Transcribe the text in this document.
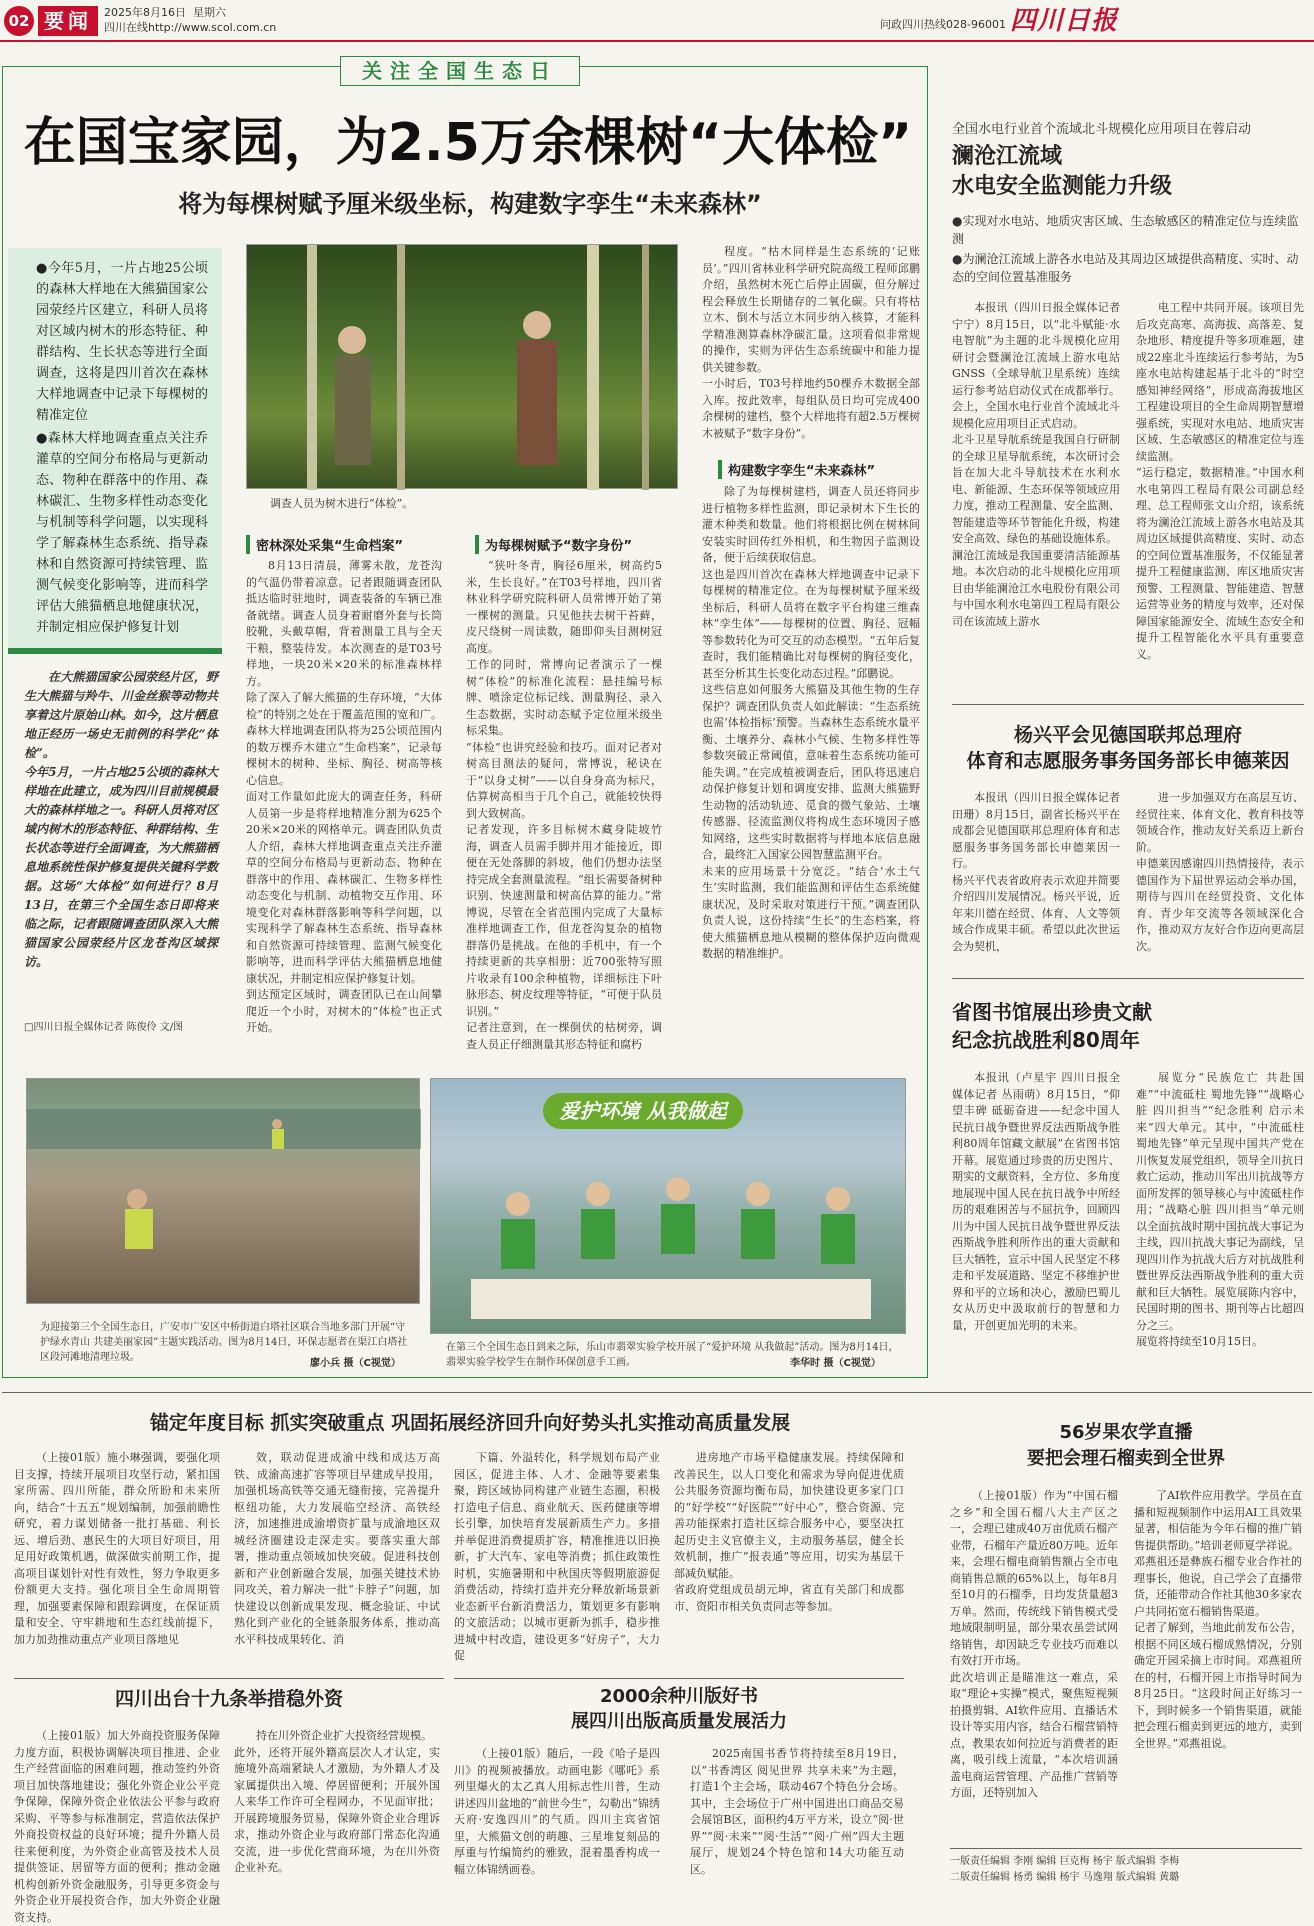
02 要闻	2025年8月16日 星期六
四川在线http://www.scol.com.cn	问政四川热线028-96001 四川日报
关注全国生态日
在国宝家园，为2.5万余棵树“大体检”
将为每棵树赋予厘米级坐标，构建数字孪生“未来森林”
●今年5月，一片占地25公顷的森林大样地在大熊猫国家公园荥经片区建立，科研人员将对区域内树木的形态特征、种群结构、生长状态等进行全面调查，这将是四川首次在森林大样地调查中记录下每棵树的精准定位
●森林大样地调查重点关注乔灌草的空间分布格局与更新动态、物种在群落中的作用、森林碳汇、生物多样性动态变化与机制等科学问题，以实现科学了解森林生态系统、指导森林和自然资源可持续管理、监测气候变化影响等，进而科学评估大熊猫栖息地健康状况，并制定相应保护修复计划
在大熊猫国家公园荥经片区，野生大熊猫与羚牛、川金丝猴等动物共享着这片原始山林。如今，这片栖息地正经历一场史无前例的科学化“体检”。
今年5月，一片占地25公顷的森林大样地在此建立，成为四川目前规模最大的森林样地之一。科研人员将对区域内树木的形态特征、种群结构、生长状态等进行全面调查，为大熊猫栖息地系统性保护修复提供关键科学数据。这场“大体检”如何进行？8月13日，在第三个全国生态日即将来临之际，记者跟随调查团队深入大熊猫国家公园荥经片区龙苍沟区域探访。
□四川日报全媒体记者 陈俊伶 文/图
调查人员为树木进行“体检”。
密林深处采集“生命档案”
8月13日清晨，薄雾未散，龙苍沟的气温仍带着凉意。记者跟随调查团队抵达临时驻地时，调查装备的车辆已准备就绪。调查人员身着耐磨外套与长筒胶靴，头戴草帽，背着测量工具与全天干粮，整装待发。本次测查的是T03号样地，一块20米×20米的标准森林样方。
除了深入了解大熊猫的生存环境，“大体检”的特别之处在于覆盖范围的宽和广。森林大样地调查团队将为25公顷范围内的数万棵乔木建立“生命档案”，记录每棵树木的树种、坐标、胸径、树高等核心信息。
面对工作量如此庞大的调查任务，科研人员第一步是将样地精准分割为625个20米×20米的网格单元。调查团队负责人介绍，森林大样地调查重点关注乔灌草的空间分布格局与更新动态、物种在群落中的作用、森林碳汇、生物多样性动态变化与机制、动植物交互作用、环境变化对森林群落影响等科学问题，以实现科学了解森林生态系统、指导森林和自然资源可持续管理、监测气候变化影响等，进而科学评估大熊猫栖息地健康状况，并制定相应保护修复计划。
到达预定区域时，调查团队已在山间攀爬近一个小时，对树木的“体检”也正式开始。
为每棵树赋予“数字身份”
“狭叶冬青，胸径6厘米，树高约5米，生长良好。”在T03号样地，四川省林业科学研究院科研人员常博开始了第一棵树的测量。只见他扶去树干苔藓，皮尺绕树一周读数，随即仰头目测树冠高度。
工作的同时，常博向记者演示了一棵树“体检”的标准化流程：悬挂编号标牌、喷涂定位标记线、测量胸径、录入生态数据，实时动态赋予定位厘米级坐标采集。
“体检”也讲究经验和技巧。面对记者对树高目测法的疑问，常博说，秘诀在于“以身丈树”——以自身身高为标尺，估算树高相当于几个自己，就能较快得到大致树高。
记者发现，许多目标树木藏身陡坡竹海，调查人员需手脚并用才能接近，即便在无处落脚的斜坡，他们仍想办法坚持完成全套测量流程。“组长需要备树种识别、快速测量和树高估算的能力。”常博说，尽管在全省范围内完成了大量标准样地调查工作，但龙苍沟复杂的植物群落仍是挑战。在他的手机中，有一个持续更新的共享相册：近700张特写照片收录有100余种植物，详细标注下叶脉形态、树皮纹理等特征，“可便于队员识别。”
记者注意到，在一棵倒伏的枯树旁，调查人员正仔细测量其形态特征和腐朽
程度。“枯木同样是生态系统的‘记账员’。”四川省林业科学研究院高级工程师邱鹏介绍，虽然树木死亡后停止固碳，但分解过程会释放生长期储存的二氧化碳。只有将枯立木、倒木与活立木同步纳入核算，才能科学精准测算森林净碳汇量。这项看似非常规的操作，实则为评估生态系统碳中和能力提供关键参数。
一小时后，T03号样地约50棵乔木数据全部入库。按此效率，每组队员日均可完成400余棵树的建档，整个大样地将有超2.5万棵树木被赋予“数字身份”。
构建数字孪生“未来森林”
除了为每棵树建档，调查人员还将同步进行植物多样性监测，即记录树木下生长的灌木种类和数量。他们将根据比例在树林间安装实时回传红外相机，和生物因子监测设备，便于后续获取信息。
这也是四川首次在森林大样地调查中记录下每棵树的精准定位。在为每棵树赋予厘米级坐标后，科研人员将在数字平台构建三维森林“孪生体”——每棵树的位置、胸径、冠幅等参数转化为可交互的动态模型。“五年后复查时，我们能精确比对每棵树的胸径变化，甚至分析其生长变化动态过程。”邱鹏说。
这些信息如何服务大熊猫及其他生物的生存保护？调查团队负责人如此解读：“生态系统也需‘体检指标’预警。当森林生态系统水量平衡、土壤养分、森林小气候、生物多样性等参数突破正常阈值，意味着生态系统功能可能失调。”在完成植被调查后，团队将迅速启动保护修复计划和调度安排、监测大熊猫野生动物的活动轨迹、觅食的微气象站、土壤传感器、径流监测仪将构成生态环境因子感知网络，这些实时数据将与样地本底信息融合，最终汇入国家公园智慧监测平台。
未来的应用场景十分宽泛。“结合‘水土气生’实时监测，我们能监测和评估生态系统健康状况，及时采取对策进行干预。”调查团队负责人说，这份持续“生长”的生态档案，将使大熊猫栖息地从模糊的整体保护迈向微观数据的精准维护。
为迎接第三个全国生态日，广安市广安区中桥街道白塔社区联合当地多部门开展“守护绿水青山 共建美丽家园”主题实践活动。图为8月14日，环保志愿者在渠江白塔社区段河滩地清理垃圾。
廖小兵 摄（C视觉）
爱护环境 从我做起
在第三个全国生态日到来之际，乐山市翡翠实验学校开展了“爱护环境 从我做起”活动。图为8月14日，翡翠实验学校学生在制作环保创意手工画。	李华时 摄（C视觉）
全国水电行业首个流域北斗规模化应用项目在蓉启动
澜沧江流域
水电安全监测能力升级
●实现对水电站、地质灾害区域、生态敏感区的精准定位与连续监测
●为澜沧江流域上游各水电站及其周边区域提供高精度、实时、动态的空间位置基准服务
本报讯（四川日报全媒体记者 宁宁）8月15日，以“北斗赋能·水电智航”为主题的北斗规模化应用研讨会暨澜沧江流域上游水电站GNSS（全球导航卫星系统）连续运行参考站启动仪式在成都举行。会上，全国水电行业首个流域北斗规模化应用项目正式启动。
北斗卫星导航系统是我国自行研制的全球卫星导航系统，本次研讨会旨在加大北斗导航技术在水利水电、新能源、生态环保等领域应用力度，推动工程测量、安全监测、智能建造等环节智能化升级，构建安全高效、绿色的基础设施体系。
澜沧江流域是我国重要清洁能源基地。本次启动的北斗规模化应用项目由华能澜沧江水电股份有限公司与中国水利水电第四工程局有限公司在该流域上游水
电工程中共同开展。该项目先后攻克高寒、高海拔、高落差、复杂地形、精度提升等多项难题，建成22座北斗连续运行参考站，为5座水电站构建起基于北斗的“时空感知神经网络”，形成高海拔地区工程建设项目的全生命周期智慧增强系统，实现对水电站、地质灾害区域、生态敏感区的精准定位与连续监测。
“运行稳定，数据精准。”中国水利水电第四工程局有限公司副总经理、总工程师张文山介绍，该系统将为澜沧江流域上游各水电站及其周边区域提供高精度、实时、动态的空间位置基准服务，不仅能显著提升工程健康监测、库区地质灾害预警、工程测量、智能建造、智慧运营等业务的精度与效率，还对保障国家能源安全、流域生态安全和提升工程智能化水平具有重要意义。
杨兴平会见德国联邦总理府
体育和志愿服务事务国务部长申德莱因
本报讯（四川日报全媒体记者 田珊）8月15日，副省长杨兴平在成都会见德国联邦总理府体育和志愿服务事务国务部长申德莱因一行。
杨兴平代表省政府表示欢迎并简要介绍四川发展情况。杨兴平说，近年来川德在经贸、体育、人文等领域合作成果丰硕。希望以此次世运会为契机，
进一步加强双方在高层互访、经贸往来、体育文化、教育科技等领域合作，推动友好关系迈上新台阶。
申德莱因感谢四川热情接待，表示德国作为下届世界运动会举办国，期待与四川在经贸投资、文化体育、青少年交流等各领域深化合作，推动双方友好合作迈向更高层次。
省图书馆展出珍贵文献
纪念抗战胜利80周年
本报讯（卢星宇 四川日报全媒体记者 丛雨萌）8月15日，“仰望丰碑 砥砺奋进——纪念中国人民抗日战争暨世界反法西斯战争胜利80周年馆藏文献展”在省图书馆开幕。展览通过珍贵的历史图片、期实的文献资料，全方位、多角度地展现中国人民在抗日战争中所经历的艰难困苦与不屈抗争，回顾四川为中国人民抗日战争暨世界反法西斯战争胜利所作出的重大贡献和巨大牺牲，宣示中国人民坚定不移走和平发展道路、坚定不移维护世界和平的立场和决心，激励巴蜀儿女从历史中汲取前行的智慧和力量，开创更加光明的未来。
展览分“民族危亡 共赴国难”“中流砥柱 蜀地先锋”“战略心脏 四川担当”“纪念胜利 启示未来”四大单元。其中，“中流砥柱 蜀地先锋”单元呈现中国共产党在川恢复发展党组织，领导全川抗日救亡运动，推动川军出川抗战等方面所发挥的领导核心与中流砥柱作用；“战略心脏 四川担当”单元则以全面抗战时期中国抗战大事记为主线，四川抗战大事记为副线，呈现四川作为抗战大后方对抗战胜利暨世界反法西斯战争胜利的重大贡献和巨大牺牲。展览展陈内容中，民国时期的图书、期刊等占比超四分之三。
展览将持续至10月15日。
锚定年度目标 抓实突破重点 巩固拓展经济回升向好势头扎实推动高质量发展
（上接01版）施小琳强调，要强化项目支撑，持续开展项目攻坚行动，紧扣国家所需、四川所能，群众所盼和未来所向，结合“十五五”规划编制，加强前瞻性研究，着力谋划储备一批打基础、利长远、增后劲、惠民生的大项目好项目，用足用好政策机遇，做深做实前期工作，提高项目谋划针对性有效性，努力争取更多份额更大支持。强化项目全生命周期管理，加强要素保障和跟踪调度，在保证质量和安全、守牢耕地和生态红线前提下，加力加劲推动重点产业项目落地见
效，联动促进成渝中线和成达万高铁、成渝高速扩容等项目早建成早投用，加强机场高铁等交通无缝衔接，完善提升枢纽功能，大力发展临空经济、高铁经济，加速推进成渝增资扩量与成渝地区双城经济圈建设走深走实。要落实重大部署，推动重点领域加快突破。促进科技创新和产业创新融合发展，加强关键技术协同攻关，着力解决一批“卡脖子”问题，加快建设以创新成果发现、概念验证、中试熟化到产业化的全链条服务体系，推动高水平科技成果转化、消
下篇、外溢转化，科学规划布局产业园区，促进主体、人才、金融等要素集聚，跨区域协同构建产业链生态圈，积极打造电子信息、商业航天、医药健康等增长引擎，加快培育发展新质生产力。多措并举促进消费提质扩容，精准推进以旧换新，扩大汽车、家电等消费；抓住政策性时机，实施暑期和中秋国庆等假期旅游促消费活动，持续打造并充分释放新场景新业态新平台新消费活力，策划更多有影响的文旅活动；以城市更新为抓手，稳步推进城中村改造，建设更多“好房子”，大力促
进房地产市场平稳健康发展。持续保障和改善民生，以人口变化和需求为导向促进优质公共服务资源均衡布局，加快建设更多家门口的“好学校”“好医院”“好中心”，整合资源、完善功能探索打造社区综合服务中心，要坚决扛起历史主义官僚主义，主动服务基层，健全长效机制，推广“报表通”等应用，切实为基层干部减负赋能。
省政府党组成员胡元坤，省直有关部门和成都市、资阳市相关负责同志等参加。
56岁果农学直播
要把会理石榴卖到全世界
（上接01版）作为“中国石榴之乡”和全国石榴八大主产区之一，会理已建成40万亩优质石榴产业带，石榴年产量近80万吨。近年来，会理石榴电商销售额占全市电商销售总额的65%以上，每年8月至10月的石榴季，日均发货量超3万单。然而，传统线下销售模式受地域限制明显，部分果农虽尝试网络销售，却因缺乏专业技巧而难以有效打开市场。
此次培训正是瞄准这一难点，采取“理论+实操”模式，聚焦短视频拍摄剪辑、AI软件应用、直播话术设计等实用内容，结合石榴营销特点，教果农如何拉近与消费者的距离，吸引线上流量，“本次培训涵盖电商运营管理、产品推广营销等方面，还特别加入
了AI软件应用教学。学员在直播和短视频制作中运用AI工具效果显著，相信能为今年石榴的推广销售提供帮助。”培训老师夏学祥说。
邓燕祖还是彝族石榴专业合作社的理事长，他说，自己学会了直播带货，还能带动合作社其他30多家农户共同拓宽石榴销售渠道。
记者了解到，当地此前发布公告，根据不同区域石榴成熟情况，分别确定开园采摘上市时间。邓燕祖所在的村，石榴开园上市指导时间为8月25日。“这段时间正好练习一下，到时候多一个销售渠道，就能把会理石榴卖到更远的地方，卖到全世界。”邓燕祖说。
四川出台十九条举措稳外资
（上接01版）加大外商投资服务保障力度方面，积极协调解决项目推进、企业生产经营面临的困难问题，推动签约外资项目加快落地建设；强化外资企业公平竞争保障，保障外资企业依法公平参与政府采购、平等参与标准制定，营造依法保护外商投资权益的良好环境；提升外籍人员往来便利度，为外资企业高管及技术人员提供签证、居留等方面的便利；推动金融机构创新外资金融服务，引导更多资金与外资企业开展投资合作，加大外资企业融资支持。
持在川外资企业扩大投资经营规模。
此外，还将开展外籍高层次人才认定，实施境外高端紧缺人才激励，为外籍人才及家属提供出入境、停居留便利；开展外国人来华工作许可全程网办，不见面审批；开展跨境服务贸易，保障外资企业合理诉求，推动外资企业与政府部门常态化沟通交流，进一步优化营商环境，为在川外资企业补充。
2000余种川版好书
展四川出版高质量发展活力
（上接01版）随后，一段《哈子是四川》的视频被播放。动画电影《哪吒》系列里爆火的太乙真人用标志性川普，生动讲述四川盆地的“前世今生”，勾勒出“锦绣天府·安逸四川”的气质。四川主宾省馆里，大熊猫文创的萌趣、三星堆复刻品的厚重与竹编简约的雅致，混着墨香构成一幅立体锦绣画卷。
2025南国书香节将持续至8月19日，以“书香湾区 阅见世界 共享未来”为主题，打造1个主会场，联动467个特色分会场。其中，主会场位于广州中国进出口商品交易会展馆B区，面积约4万平方米，设立“阅·世界”“阅·未来”“阅·生活”“阅·广州”四大主题展厅，规划24个特色馆和14大功能互动区。
一版责任编辑 李刚 编辑 巨克梅 杨宇 版式编辑 李梅
二版责任编辑 杨勇 编辑 杨宇 马逸翔 版式编辑 黄璐
